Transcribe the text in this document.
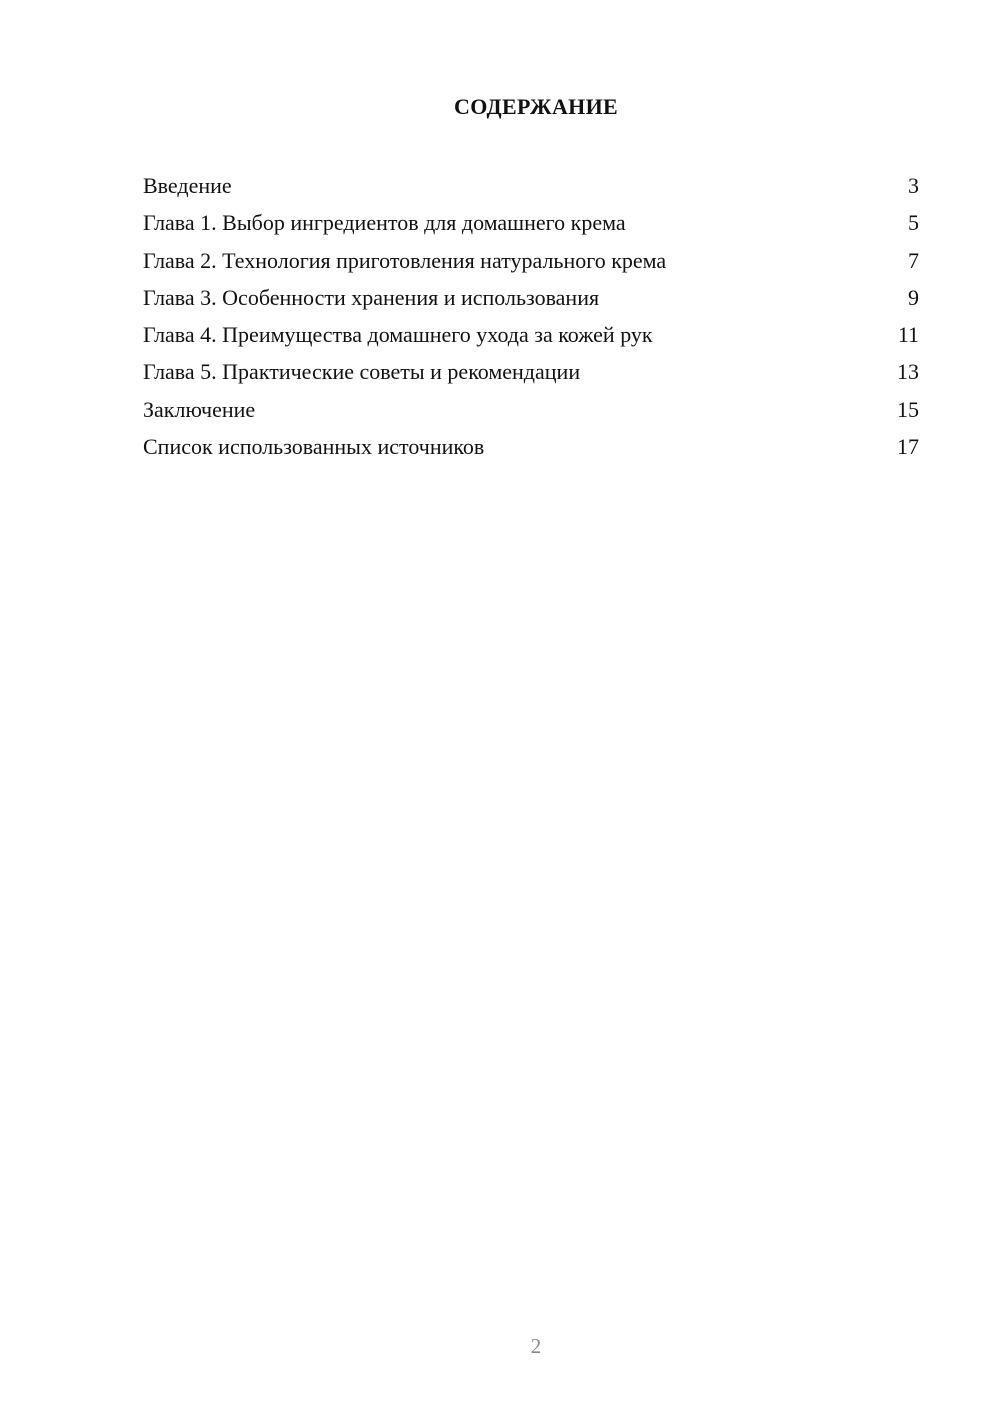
СОДЕРЖАНИЕ
Введение	3
Глава 1. Выбор ингредиентов для домашнего крема	5
Глава 2. Технология приготовления натурального крема	7
Глава 3. Особенности хранения и использования	9
Глава 4. Преимущества домашнего ухода за кожей рук	11
Глава 5. Практические советы и рекомендации	13
Заключение	15
Список использованных источников	17
2
